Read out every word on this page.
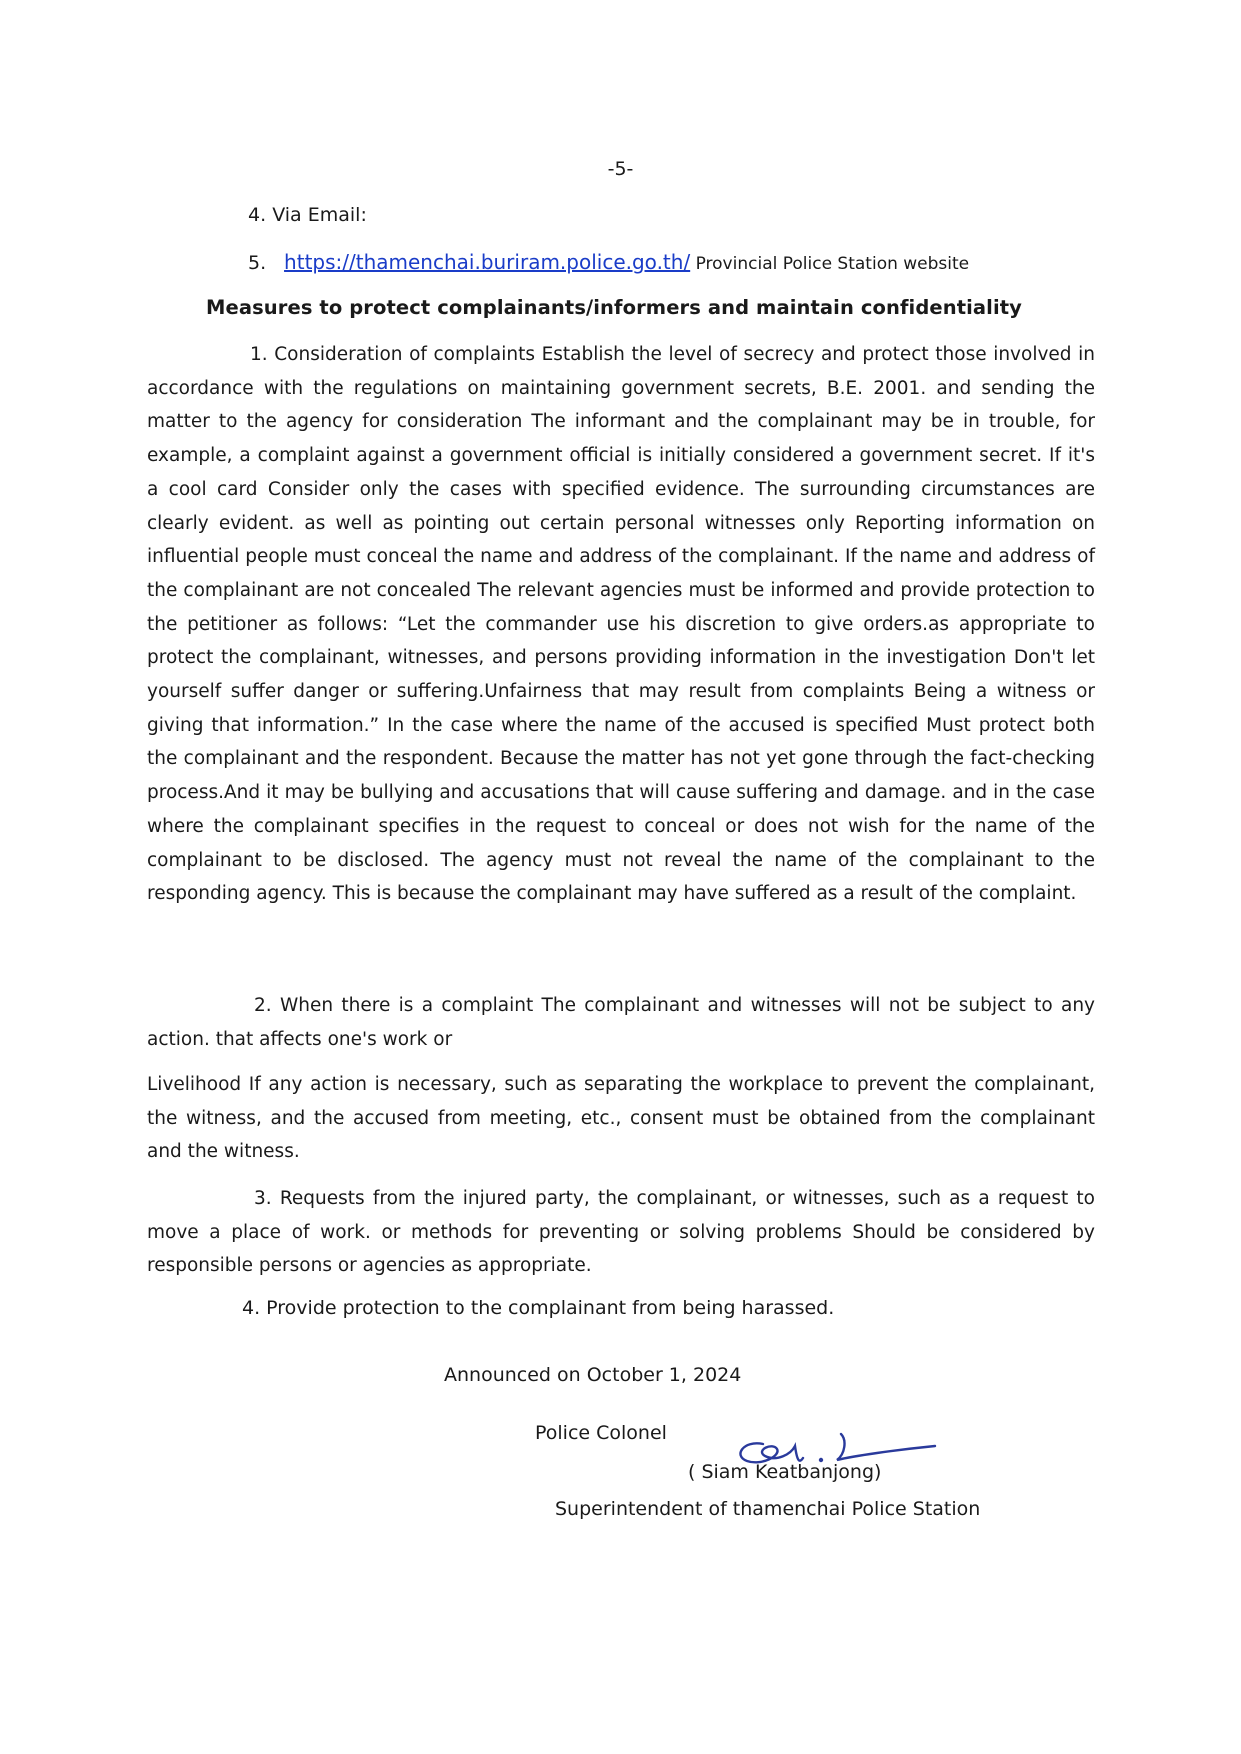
-5-
4. Via Email:
5. https://thamenchai.buriram.police.go.th/ Provincial Police Station website
Measures to protect complainants/informers and maintain confidentiality
1. Consideration of complaints Establish the level of secrecy and protect those involved in accordance with the regulations on maintaining government secrets, B.E. 2001. and sending the matter to the agency for consideration The informant and the complainant may be in trouble, for example, a complaint against a government official is initially considered a government secret. If it's a cool card Consider only the cases with specified evidence. The surrounding circumstances are clearly evident. as well as pointing out certain personal witnesses only Reporting information on influential people must conceal the name and address of the complainant. If the name and address of the complainant are not concealed The relevant agencies must be informed and provide protection to the petitioner as follows: “Let the commander use his discretion to give orders.as appropriate to protect the complainant, witnesses, and persons providing information in the investigation Don't let yourself suffer danger or suffering.Unfairness that may result from complaints Being a witness or giving that information.” In the case where the name of the accused is specified Must protect both the complainant and the respondent. Because the matter has not yet gone through the fact-checking process.And it may be bullying and accusations that will cause suffering and damage. and in the case where the complainant specifies in the request to conceal or does not wish for the name of the complainant to be disclosed. The agency must not reveal the name of the complainant to the responding agency. This is because the complainant may have suffered as a result of the complaint.
2. When there is a complaint The complainant and witnesses will not be subject to any action. that affects one's work or
Livelihood If any action is necessary, such as separating the workplace to prevent the complainant, the witness, and the accused from meeting, etc., consent must be obtained from the complainant and the witness.
3. Requests from the injured party, the complainant, or witnesses, such as a request to move a place of work. or methods for preventing or solving problems Should be considered by responsible persons or agencies as appropriate.
4. Provide protection to the complainant from being harassed.
Announced on October 1, 2024
Police Colonel
( Siam Keatbanjong)
Superintendent of thamenchai Police Station
